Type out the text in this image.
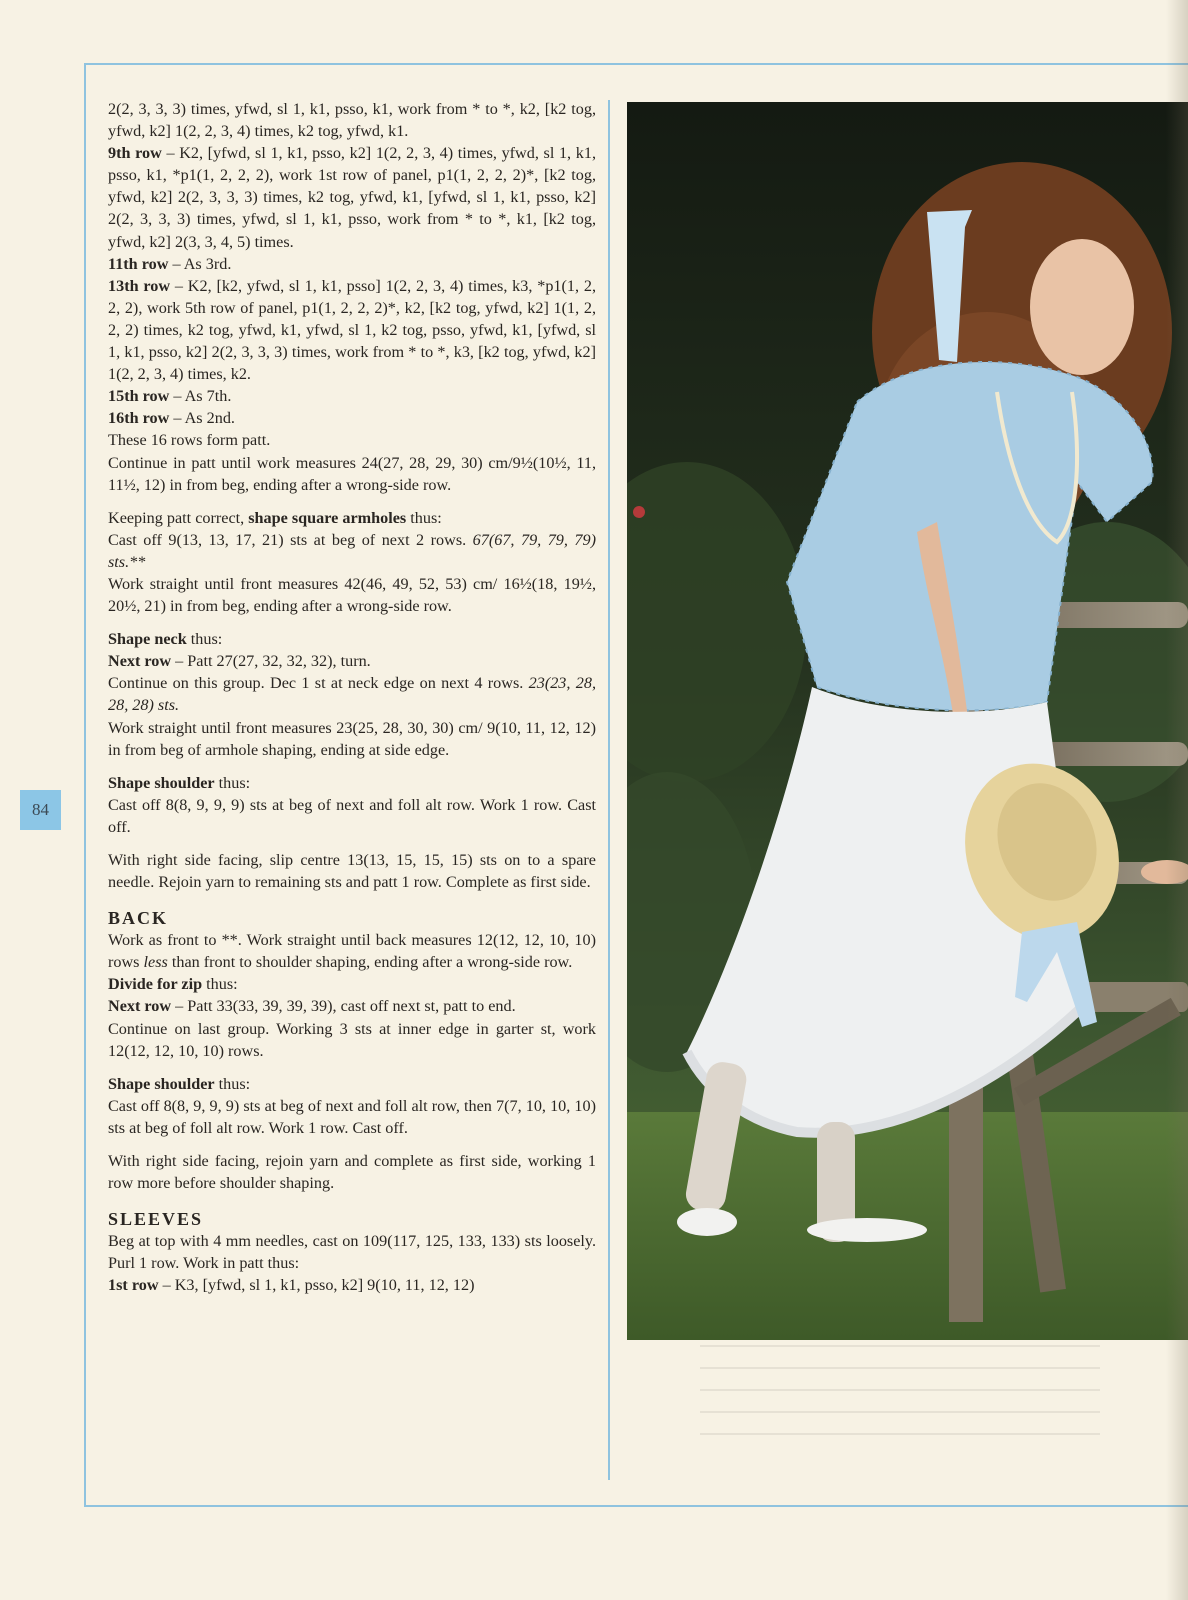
84

2(2, 3, 3, 3) times, yfwd, sl 1, k1, psso, k1, work from * to *, k2, [k2 tog, yfwd, k2] 1(2, 2, 3, 4) times, k2 tog, yfwd, k1.

9th row – K2, [yfwd, sl 1, k1, psso, k2] 1(2, 2, 3, 4) times, yfwd, sl 1, k1, psso, k1, *p1(1, 2, 2, 2), work 1st row of panel, p1(1, 2, 2, 2)*, [k2 tog, yfwd, k2] 2(2, 3, 3, 3) times, k2 tog, yfwd, k1, [yfwd, sl 1, k1, psso, k2] 2(2, 3, 3, 3) times, yfwd, sl 1, k1, psso, work from * to *, k1, [k2 tog, yfwd, k2] 2(3, 3, 4, 5) times.

11th row – As 3rd.

13th row – K2, [k2, yfwd, sl 1, k1, psso] 1(2, 2, 3, 4) times, k3, *p1(1, 2, 2, 2), work 5th row of panel, p1(1, 2, 2, 2)*, k2, [k2 tog, yfwd, k2] 1(1, 2, 2, 2) times, k2 tog, yfwd, k1, yfwd, sl 1, k2 tog, psso, yfwd, k1, [yfwd, sl 1, k1, psso, k2] 2(2, 3, 3, 3) times, work from * to *, k3, [k2 tog, yfwd, k2] 1(2, 2, 3, 4) times, k2.

15th row – As 7th.

16th row – As 2nd.

These 16 rows form patt.

Continue in patt until work measures 24(27, 28, 29, 30) cm/9½(10½, 11, 11½, 12) in from beg, ending after a wrong-side row.

Keeping patt correct, shape square armholes thus:

Cast off 9(13, 13, 17, 21) sts at beg of next 2 rows. 67(67, 79, 79, 79) sts.**

Work straight until front measures 42(46, 49, 52, 53) cm/ 16½(18, 19½, 20½, 21) in from beg, ending after a wrong-side row.

Shape neck thus:

Next row – Patt 27(27, 32, 32, 32), turn.

Continue on this group. Dec 1 st at neck edge on next 4 rows. 23(23, 28, 28, 28) sts.

Work straight until front measures 23(25, 28, 30, 30) cm/ 9(10, 11, 12, 12) in from beg of armhole shaping, ending at side edge.

Shape shoulder thus:

Cast off 8(8, 9, 9, 9) sts at beg of next and foll alt row. Work 1 row. Cast off.

With right side facing, slip centre 13(13, 15, 15, 15) sts on to a spare needle. Rejoin yarn to remaining sts and patt 1 row. Complete as first side.

BACK

Work as front to **. Work straight until back measures 12(12, 12, 10, 10) rows less than front to shoulder shaping, ending after a wrong-side row.

Divide for zip thus:

Next row – Patt 33(33, 39, 39, 39), cast off next st, patt to end.

Continue on last group. Working 3 sts at inner edge in garter st, work 12(12, 12, 10, 10) rows.

Shape shoulder thus:

Cast off 8(8, 9, 9, 9) sts at beg of next and foll alt row, then 7(7, 10, 10, 10) sts at beg of foll alt row. Work 1 row. Cast off.

With right side facing, rejoin yarn and complete as first side, working 1 row more before shoulder shaping.

SLEEVES

Beg at top with 4 mm needles, cast on 109(117, 125, 133, 133) sts loosely. Purl 1 row. Work in patt thus:

1st row – K3, [yfwd, sl 1, k1, psso, k2] 9(10, 11, 12, 12)
